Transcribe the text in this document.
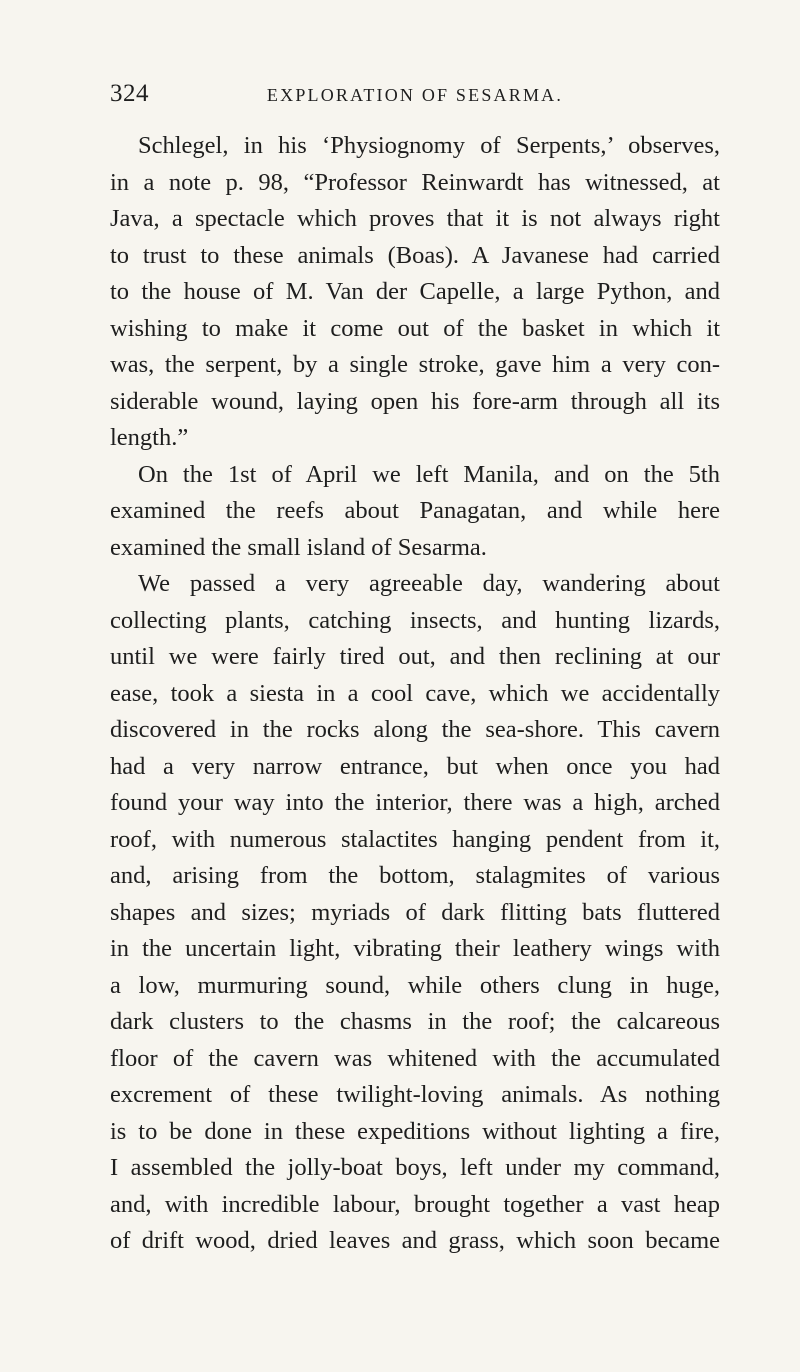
324	EXPLORATION OF SESARMA.
Schlegel, in his ‘Physiognomy of Serpents,’ observes,
in a note p. 98, “Professor Reinwardt has witnessed, at
Java, a spectacle which proves that it is not always right
to trust to these animals (Boas). A Javanese had carried
to the house of M. Van der Capelle, a large Python, and
wishing to make it come out of the basket in which it
was, the serpent, by a single stroke, gave him a very con-
siderable wound, laying open his fore-arm through all its
length.”
On the 1st of April we left Manila, and on the 5th
examined the reefs about Panagatan, and while here
examined the small island of Sesarma.
We passed a very agreeable day, wandering about
collecting plants, catching insects, and hunting lizards,
until we were fairly tired out, and then reclining at our
ease, took a siesta in a cool cave, which we accidentally
discovered in the rocks along the sea-shore. This cavern
had a very narrow entrance, but when once you had
found your way into the interior, there was a high, arched
roof, with numerous stalactites hanging pendent from it,
and, arising from the bottom, stalagmites of various
shapes and sizes; myriads of dark flitting bats fluttered
in the uncertain light, vibrating their leathery wings with
a low, murmuring sound, while others clung in huge,
dark clusters to the chasms in the roof; the calcareous
floor of the cavern was whitened with the accumulated
excrement of these twilight-loving animals. As nothing
is to be done in these expeditions without lighting a fire,
I assembled the jolly-boat boys, left under my command,
and, with incredible labour, brought together a vast heap
of drift wood, dried leaves and grass, which soon became
